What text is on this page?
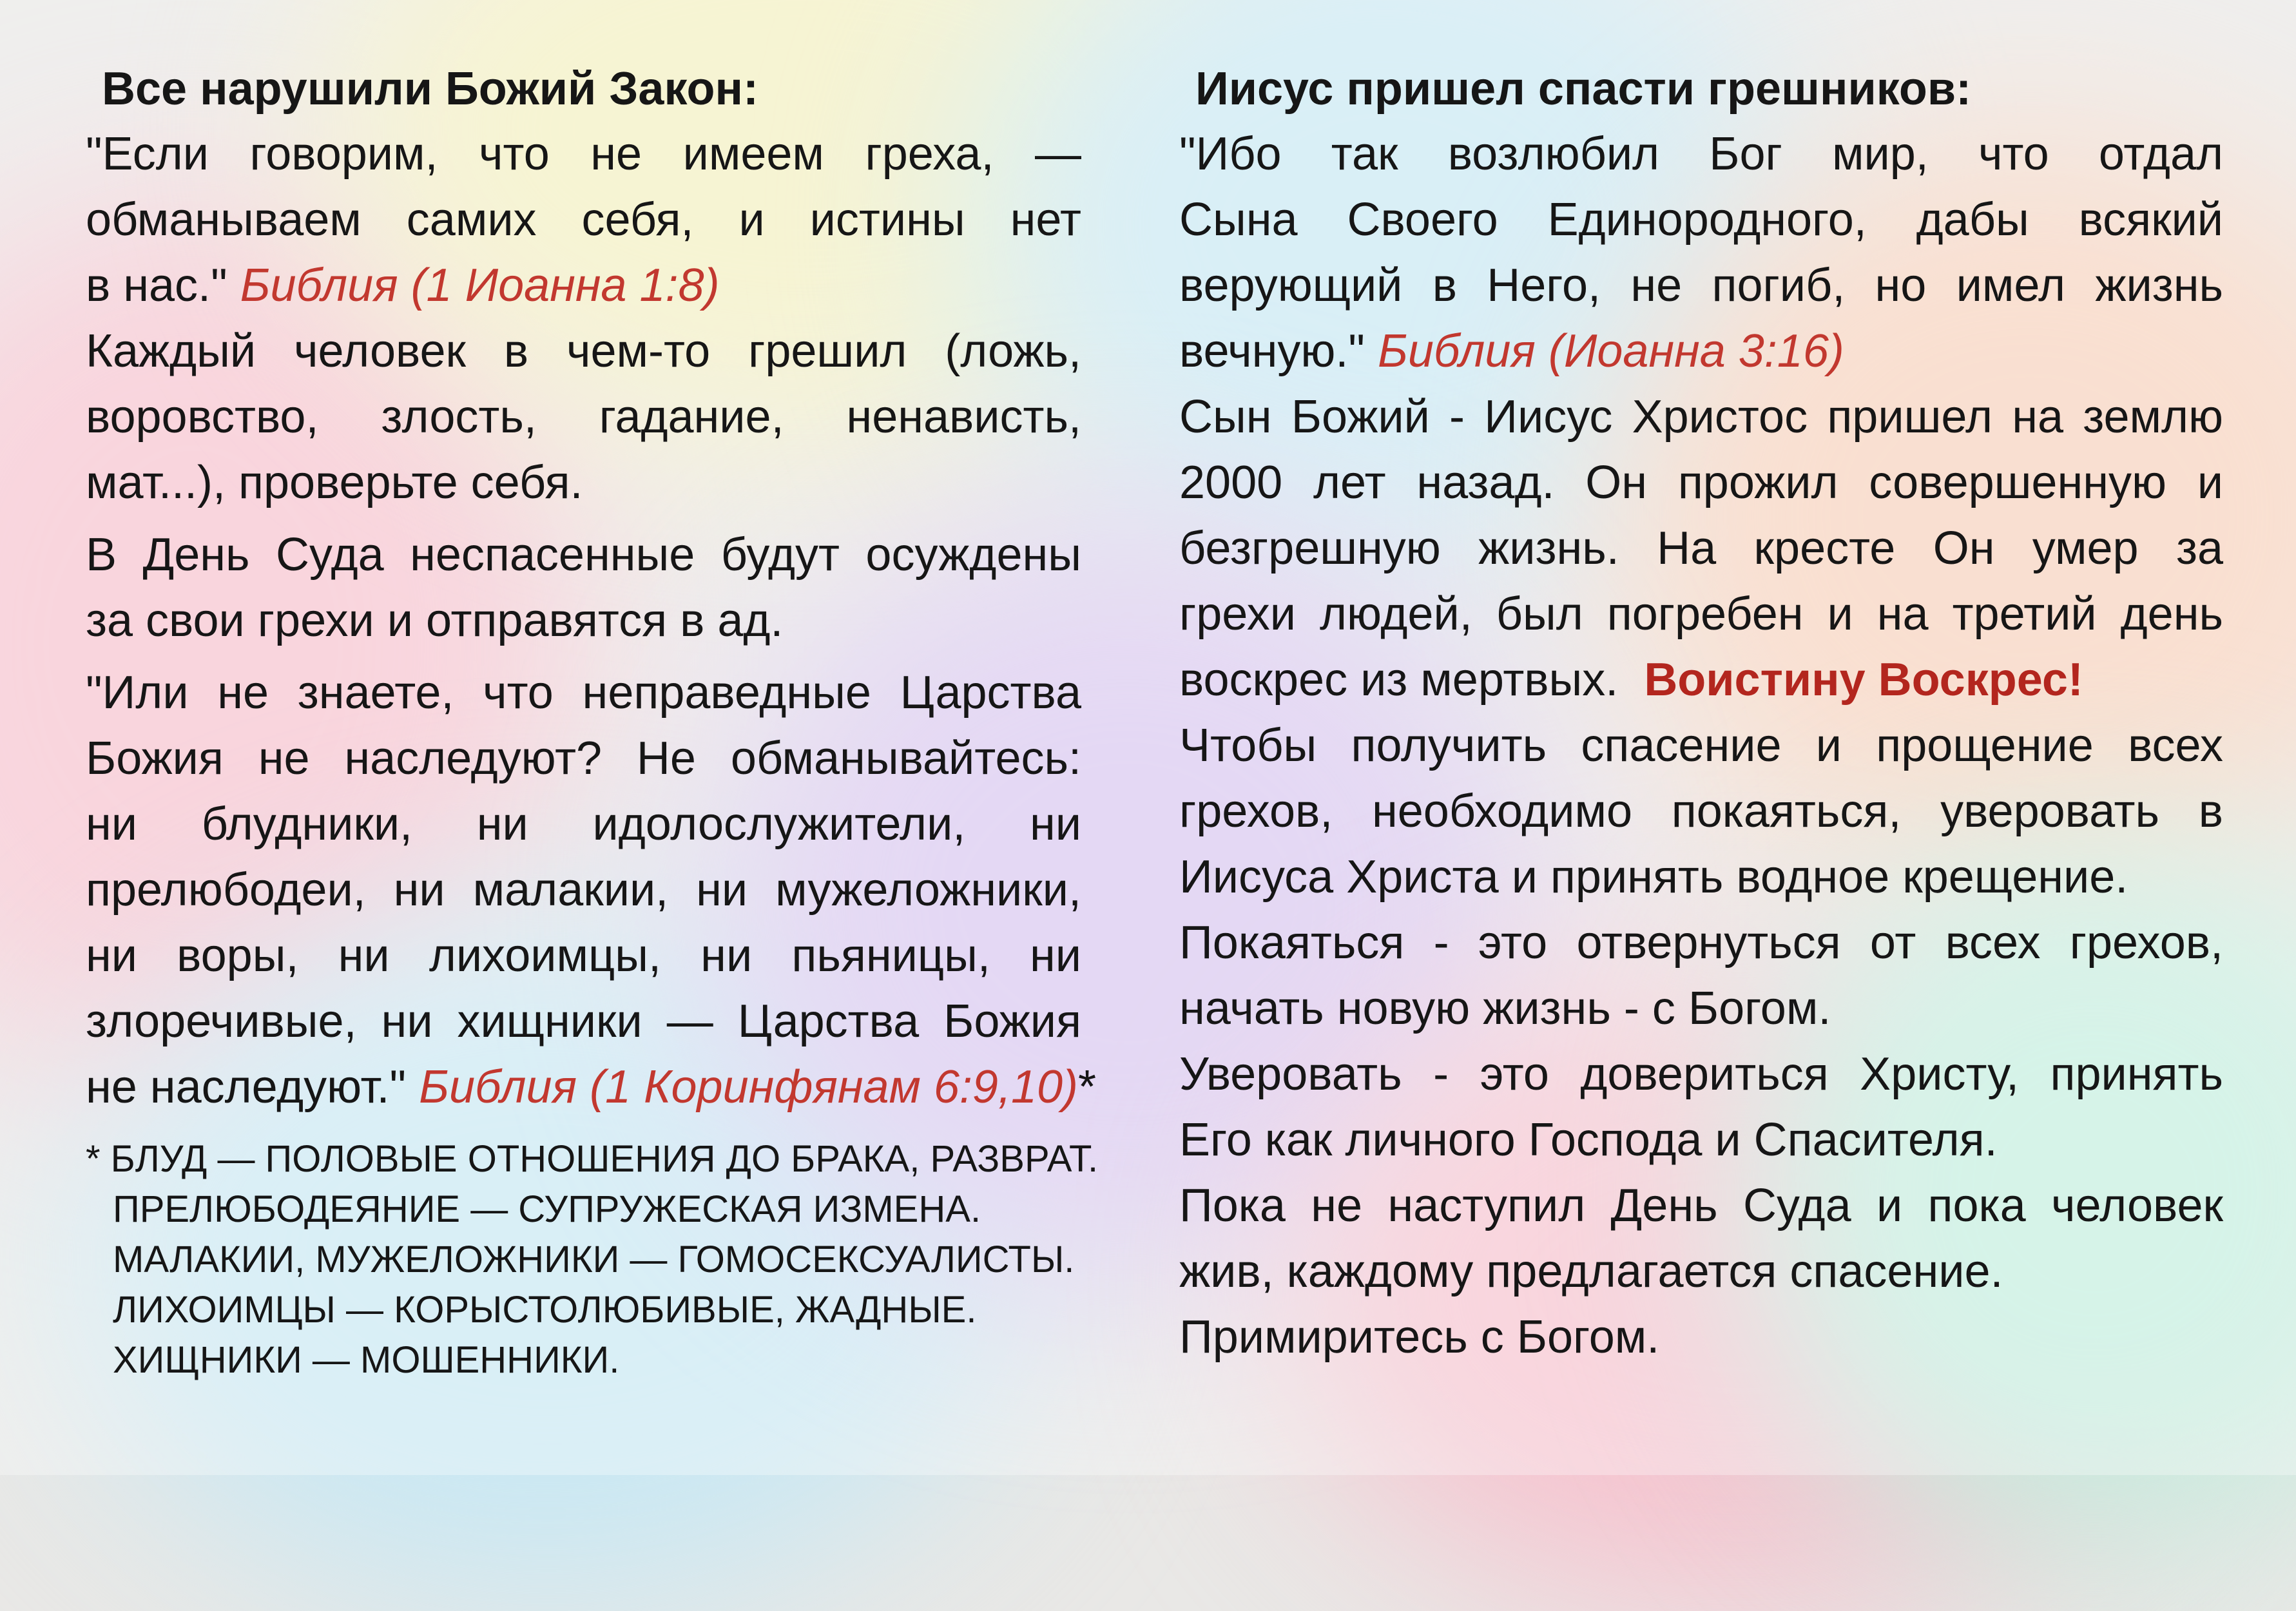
Все нарушили Божий Закон:
"Если говорим, что не имеем греха, —
обманываем самих себя, и истины нет
в нас." Библия (1 Иоанна 1:8)
Каждый человек в чем-то грешил (ложь,
воровство, злость, гадание, ненависть,
мат...), проверьте себя.
В День Суда неспасенные будут осуждены
за свои грехи и отправятся в ад.
"Или не знаете, что неправедные Царства
Божия не наследуют? Не обманывайтесь:
ни блудники, ни идолослужители, ни
прелюбодеи, ни малакии, ни мужеложники,
ни воры, ни лихоимцы, ни пьяницы, ни
злоречивые, ни хищники — Царства Божия
не наследуют." Библия (1 Коринфянам 6:9,10)*
* БЛУД — ПОЛОВЫЕ ОТНОШЕНИЯ ДО БРАКА, РАЗВРАТ.
ПРЕЛЮБОДЕЯНИЕ — СУПРУЖЕСКАЯ ИЗМЕНА.
МАЛАКИИ, МУЖЕЛОЖНИКИ — ГОМОСЕКСУАЛИСТЫ.
ЛИХОИМЦЫ — КОРЫСТОЛЮБИВЫЕ, ЖАДНЫЕ.
ХИЩНИКИ — МОШЕННИКИ.
Иисус пришел спасти грешников:
"Ибо так возлюбил Бог мир, что отдал
Сына Своего Единородного, дабы всякий
верующий в Него, не погиб, но имел жизнь
вечную." Библия (Иоанна 3:16)
Сын Божий - Иисус Христос пришел на землю
2000 лет назад. Он прожил совершенную и
безгрешную жизнь. На кресте Он умер за
грехи людей, был погребен и на третий день
воскрес из мертвых. Воистину Воскрес!
Чтобы получить спасение и прощение всех
грехов, необходимо покаяться, уверовать в
Иисуса Христа и принять водное крещение.
Покаяться - это отвернуться от всех грехов,
начать новую жизнь - с Богом.
Уверовать - это довериться Христу, принять
Его как личного Господа и Спасителя.
Пока не наступил День Суда и пока человек
жив, каждому предлагается спасение.
Примиритесь с Богом.
